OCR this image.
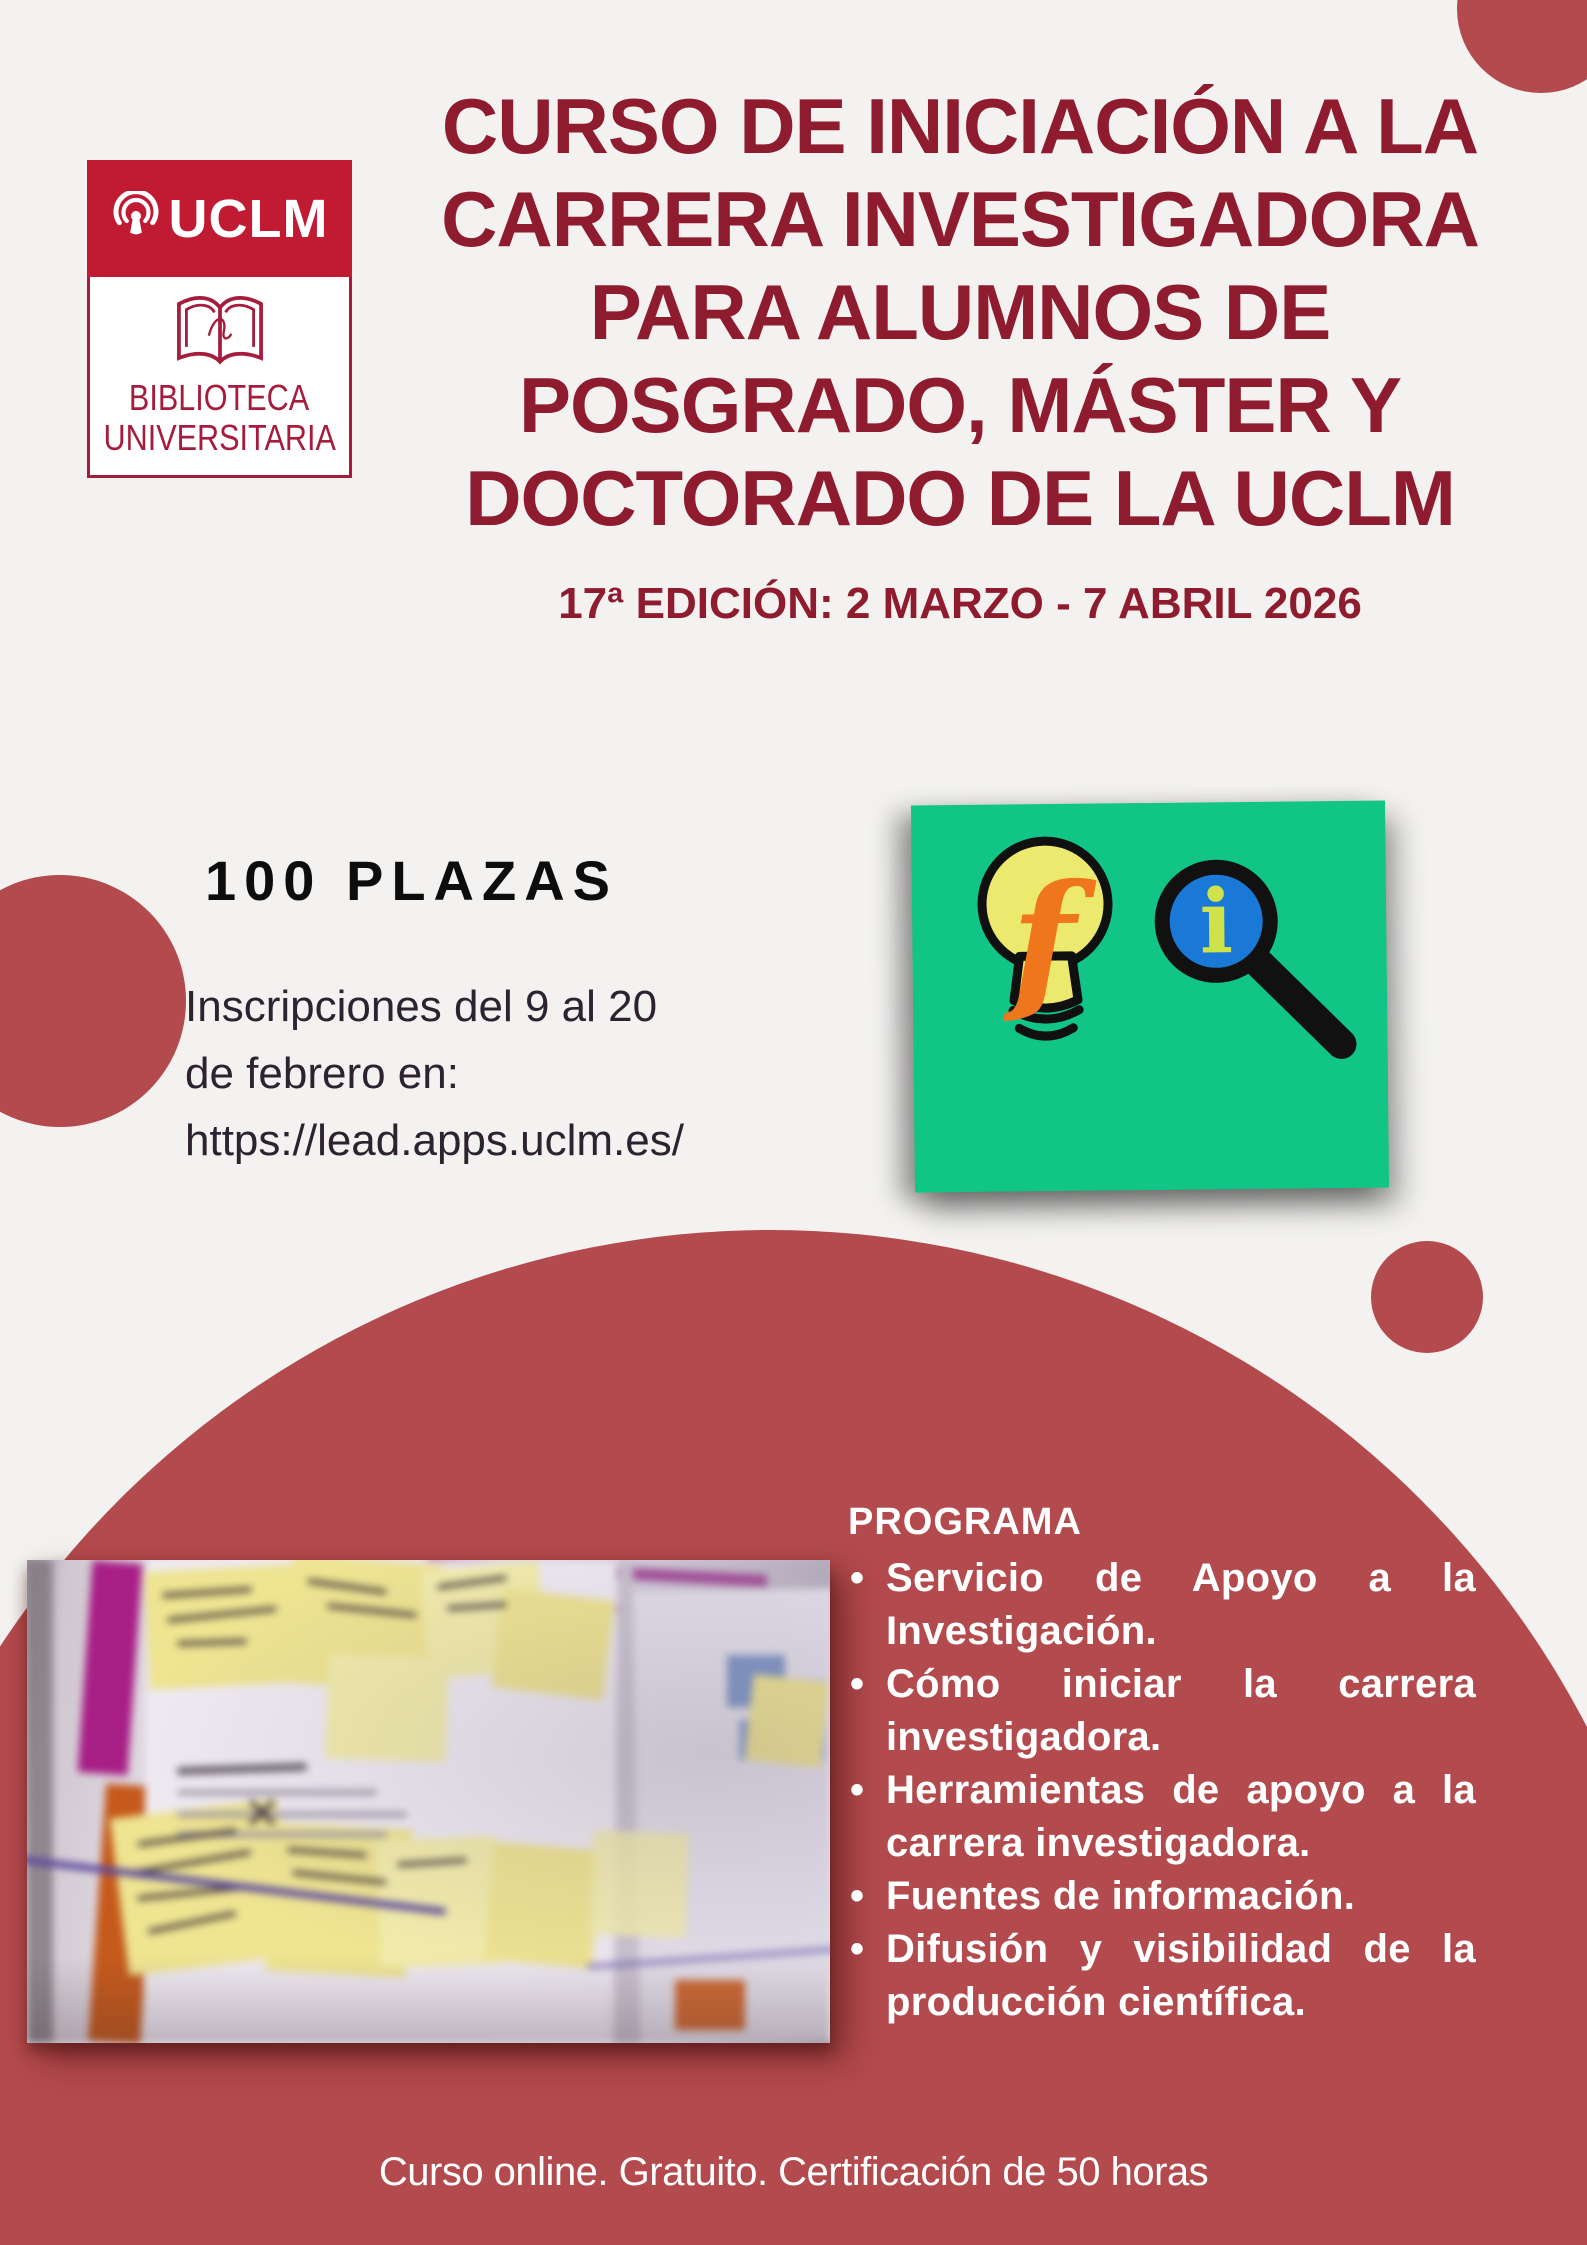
UCLM
BIBLIOTECA
UNIVERSITARIA
CURSO DE INICIACIÓN A LA
CARRERA INVESTIGADORA
PARA ALUMNOS DE
POSGRADO, MÁSTER Y
DOCTORADO DE LA UCLM
17ª EDICIÓN: 2 MARZO - 7 ABRIL 2026
100 PLAZAS
Inscripciones del 9 al 20
de febrero en:
https://lead.apps.uclm.es/
f i
PROGRAMA
• Servicio de Apoyo a la Investigación.
• Cómo iniciar la carrera investigadora.
• Herramientas de apoyo a la carrera investigadora.
• Fuentes de información.
• Difusión y visibilidad de la producción científica.
Curso online. Gratuito. Certificación de 50 horas
